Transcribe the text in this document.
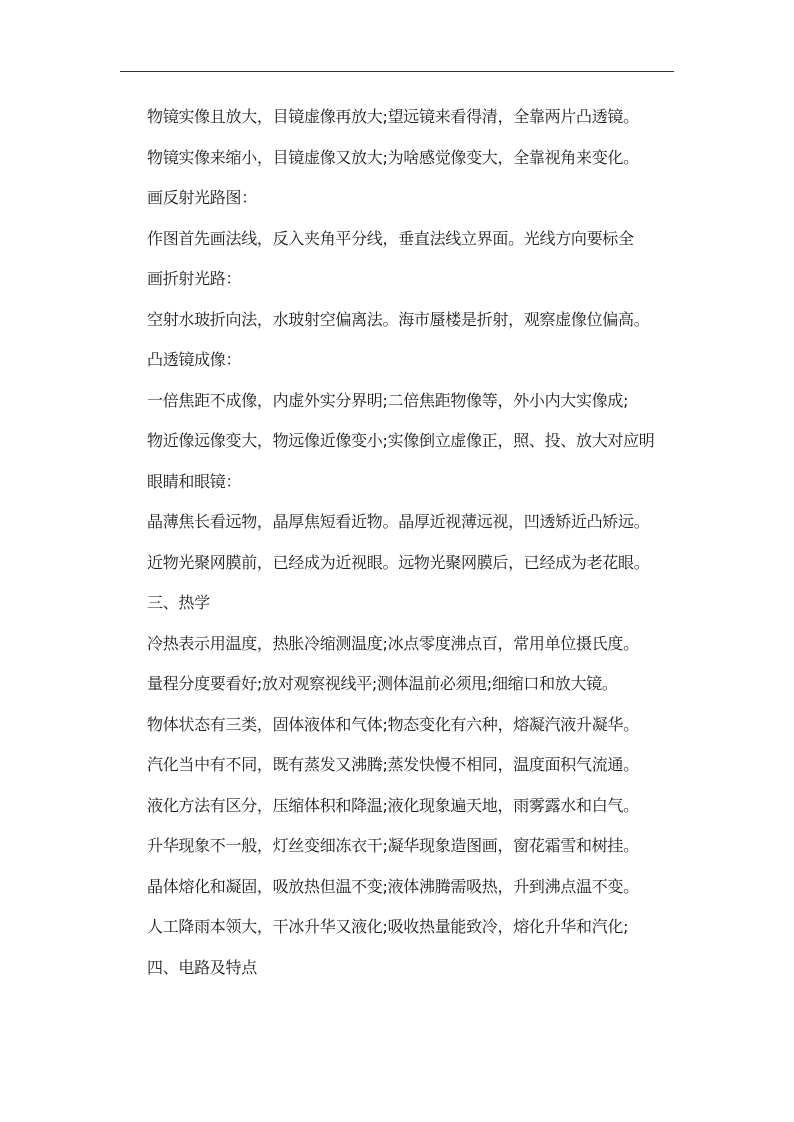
物镜实像且放大，目镜虚像再放大;望远镜来看得清，全靠两片凸透镜。
物镜实像来缩小，目镜虚像又放大;为啥感觉像变大，全靠视角来变化。
画反射光路图：
作图首先画法线，反入夹角平分线，垂直法线立界面。光线方向要标全
画折射光路：
空射水玻折向法，水玻射空偏离法。海市蜃楼是折射，观察虚像位偏高。
凸透镜成像：
一倍焦距不成像，内虚外实分界明;二倍焦距物像等，外小内大实像成;
物近像远像变大，物远像近像变小;实像倒立虚像正，照、投、放大对应明
眼睛和眼镜：
晶薄焦长看远物，晶厚焦短看近物。晶厚近视薄远视，凹透矫近凸矫远。
近物光聚网膜前，已经成为近视眼。远物光聚网膜后，已经成为老花眼。
三、热学
冷热表示用温度，热胀冷缩测温度;冰点零度沸点百，常用单位摄氏度。
量程分度要看好;放对观察视线平;测体温前必须甩;细缩口和放大镜。
物体状态有三类，固体液体和气体;物态变化有六种，熔凝汽液升凝华。
汽化当中有不同，既有蒸发又沸腾;蒸发快慢不相同，温度面积气流通。
液化方法有区分，压缩体积和降温;液化现象遍天地，雨雾露水和白气。
升华现象不一般，灯丝变细冻衣干;凝华现象造图画，窗花霜雪和树挂。
晶体熔化和凝固，吸放热但温不变;液体沸腾需吸热，升到沸点温不变。
人工降雨本领大，干冰升华又液化;吸收热量能致冷，熔化升华和汽化;
四、电路及特点
